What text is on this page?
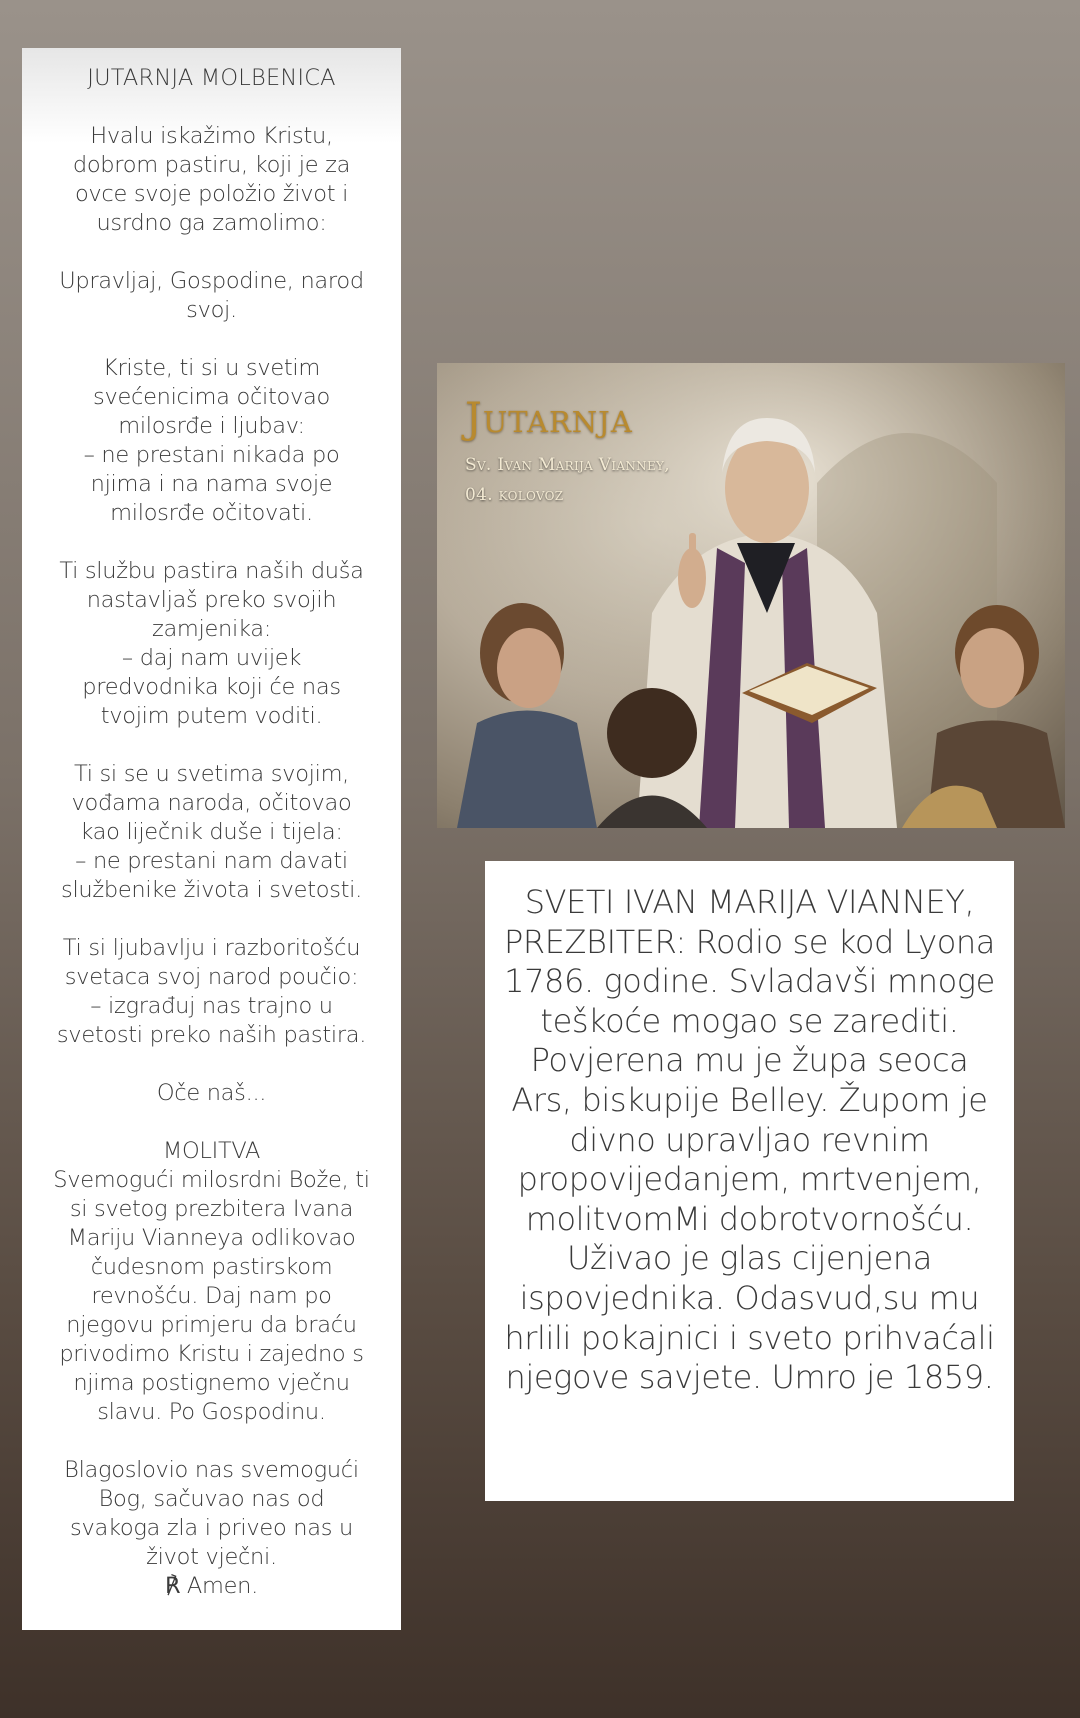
JUTARNJA MOLBENICA

Hvalu iskažimo Kristu,
dobrom pastiru, koji je za
ovce svoje položio život i
usrdno ga zamolimo:

Upravljaj, Gospodine, narod
svoj.

Kriste, ti si u svetim
svećenicima očitovao
milosrđe i ljubav:
– ne prestani nikada po
njima i na nama svoje
milosrđe očitovati.

Ti službu pastira naših duša
nastavljaš preko svojih
zamjenika:
– daj nam uvijek
predvodnika koji će nas
tvojim putem voditi.

Ti si se u svetima svojim,
vođama naroda, očitovao
kao liječnik duše i tijela:
– ne prestani nam davati
službenike života i svetosti.

Ti si ljubavlju i razboritošću
svetaca svoj narod poučio:
– izgrađuj nas trajno u
svetosti preko naših pastira.

Oče naš...

MOLITVA

Svemogući milosrdni Bože, ti
si svetog prezbitera Ivana
Mariju Vianneya odlikovao
čudesnom pastirskom
revnošću. Daj nam po
njegovu primjeru da braću
privodimo Kristu i zajedno s
njima postignemo vječnu
slavu. Po Gospodinu.

Blagoslovio nas svemogući
Bog, sačuvao nas od
svakoga zla i priveo nas u
život vječni.

℟ Amen.

Jutarnja
Sv. Ivan Marija Vianney,
04. kolovoz
SVETI IVAN MARIJA VIANNEY, PREZBITER: Rodio se kod Lyona 1786. godine. Svladavši mnoge teškoće mogao se zarediti. Povjerena mu je župa seoca Ars, biskupije Belley. Župom je divno upravljao revnim propovijedanjem, mrtvenjem, molitvomMi dobrotvornošću. Uživao je glas cijenjena ispovjednika. Odasvud,su mu hrlili pokajnici i sveto prihvaćali njegove savjete. Umro je 1859.
